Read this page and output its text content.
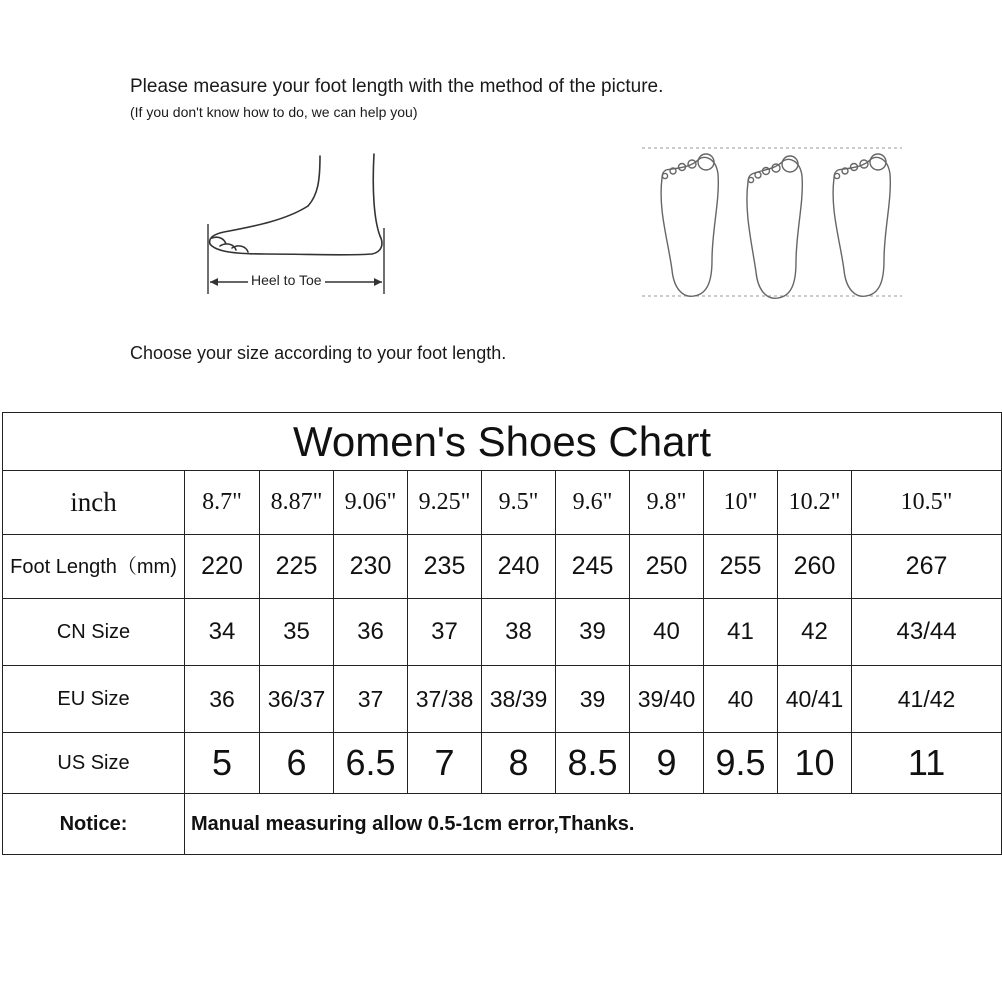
Please measure your foot length with the method of the picture.
(If you don't know how to do, we can help you)
Heel to Toe
Choose your size according to your foot length.
Women's Shoes Chart										
inch	8.7"	8.87"	9.06"	9.25"	9.5"	9.6"	9.8"	10"	10.2"	10.5"
Foot Length（mm)	220	225	230	235	240	245	250	255	260	267
CN Size	34	35	36	37	38	39	40	41	42	43/44
EU Size	36	36/37	37	37/38	38/39	39	39/40	40	40/41	41/42
US Size	5	6	6.5	7	8	8.5	9	9.5	10	11
Notice:	Manual measuring allow 0.5-1cm error,Thanks.									
